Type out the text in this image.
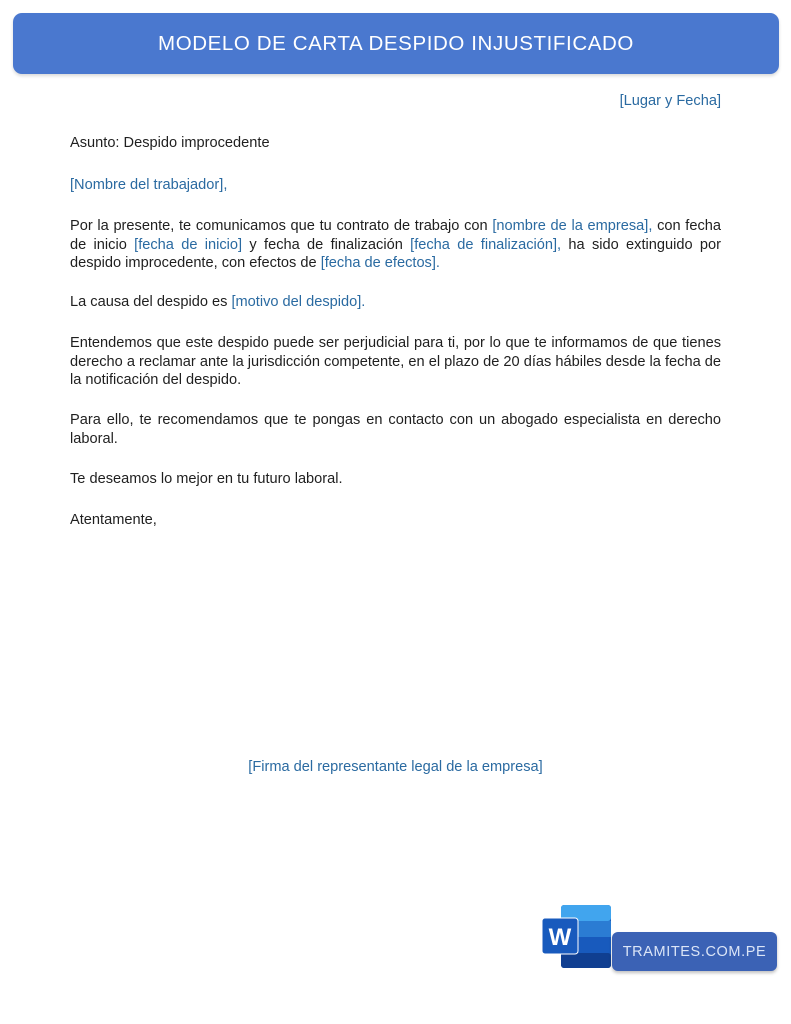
MODELO DE CARTA DESPIDO INJUSTIFICADO
[Lugar y Fecha]

Asunto: Despido improcedente

[Nombre del trabajador],

Por la presente, te comunicamos que tu contrato de trabajo con [nombre de la empresa], con fecha de inicio [fecha de inicio] y fecha de finalización [fecha de finalización], ha sido extinguido por despido improcedente, con efectos de [fecha de efectos].

La causa del despido es [motivo del despido].

Entendemos que este despido puede ser perjudicial para ti, por lo que te informamos de que tienes derecho a reclamar ante la jurisdicción competente, en el plazo de 20 días hábiles desde la fecha de la notificación del despido.

Para ello, te recomendamos que te pongas en contacto con un abogado especialista en derecho laboral.

Te deseamos lo mejor en tu futuro laboral.

Atentamente,

[Firma del representante legal de la empresa]
W
TRAMITES.COM.PE
